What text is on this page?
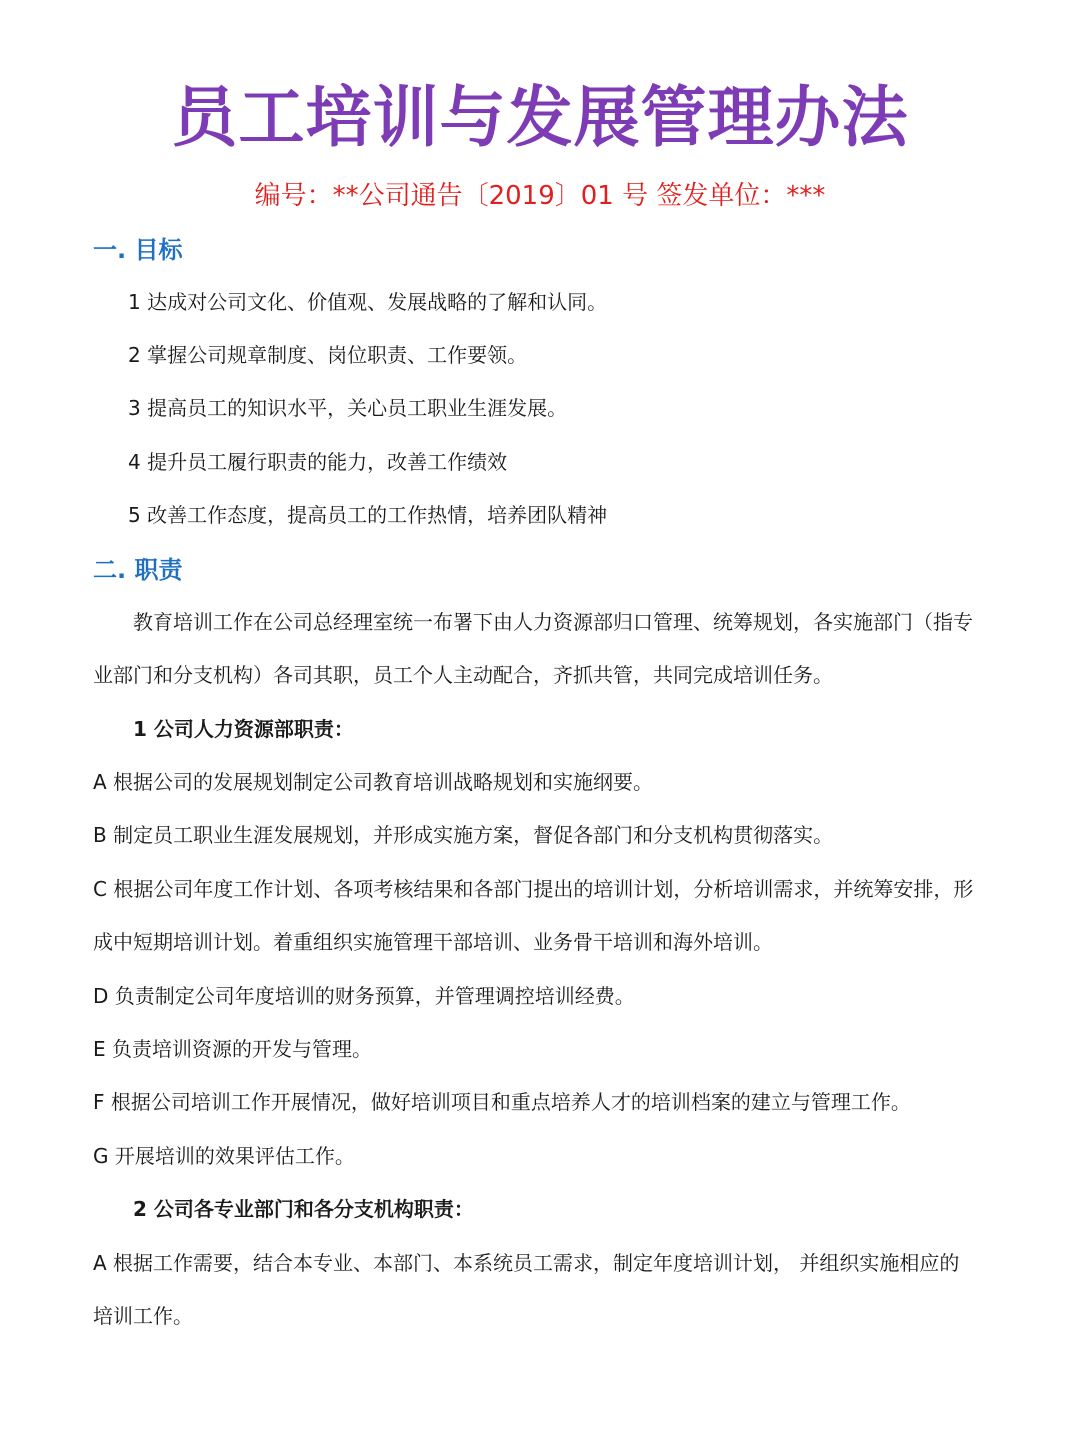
员工培训与发展管理办法
编号：**公司通告〔2019〕01 号 签发单位：***
一. 目标
1 达成对公司文化、价值观、发展战略的了解和认同。
2 掌握公司规章制度、岗位职责、工作要领。
3 提高员工的知识水平，关心员工职业生涯发展。
4 提升员工履行职责的能力，改善工作绩效
5 改善工作态度，提高员工的工作热情，培养团队精神
二. 职责
教育培训工作在公司总经理室统一布署下由人力资源部归口管理、统筹规划，各实施部门（指专
业部门和分支机构）各司其职，员工个人主动配合，齐抓共管，共同完成培训任务。
1 公司人力资源部职责：
A 根据公司的发展规划制定公司教育培训战略规划和实施纲要。
B 制定员工职业生涯发展规划，并形成实施方案，督促各部门和分支机构贯彻落实。
C 根据公司年度工作计划、各项考核结果和各部门提出的培训计划，分析培训需求，并统筹安排，形
成中短期培训计划。着重组织实施管理干部培训、业务骨干培训和海外培训。
D 负责制定公司年度培训的财务预算，并管理调控培训经费。
E 负责培训资源的开发与管理。
F 根据公司培训工作开展情况，做好培训项目和重点培养人才的培训档案的建立与管理工作。
G 开展培训的效果评估工作。
2 公司各专业部门和各分支机构职责：
A 根据工作需要，结合本专业、本部门、本系统员工需求，制定年度培训计划， 并组织实施相应的
培训工作。
